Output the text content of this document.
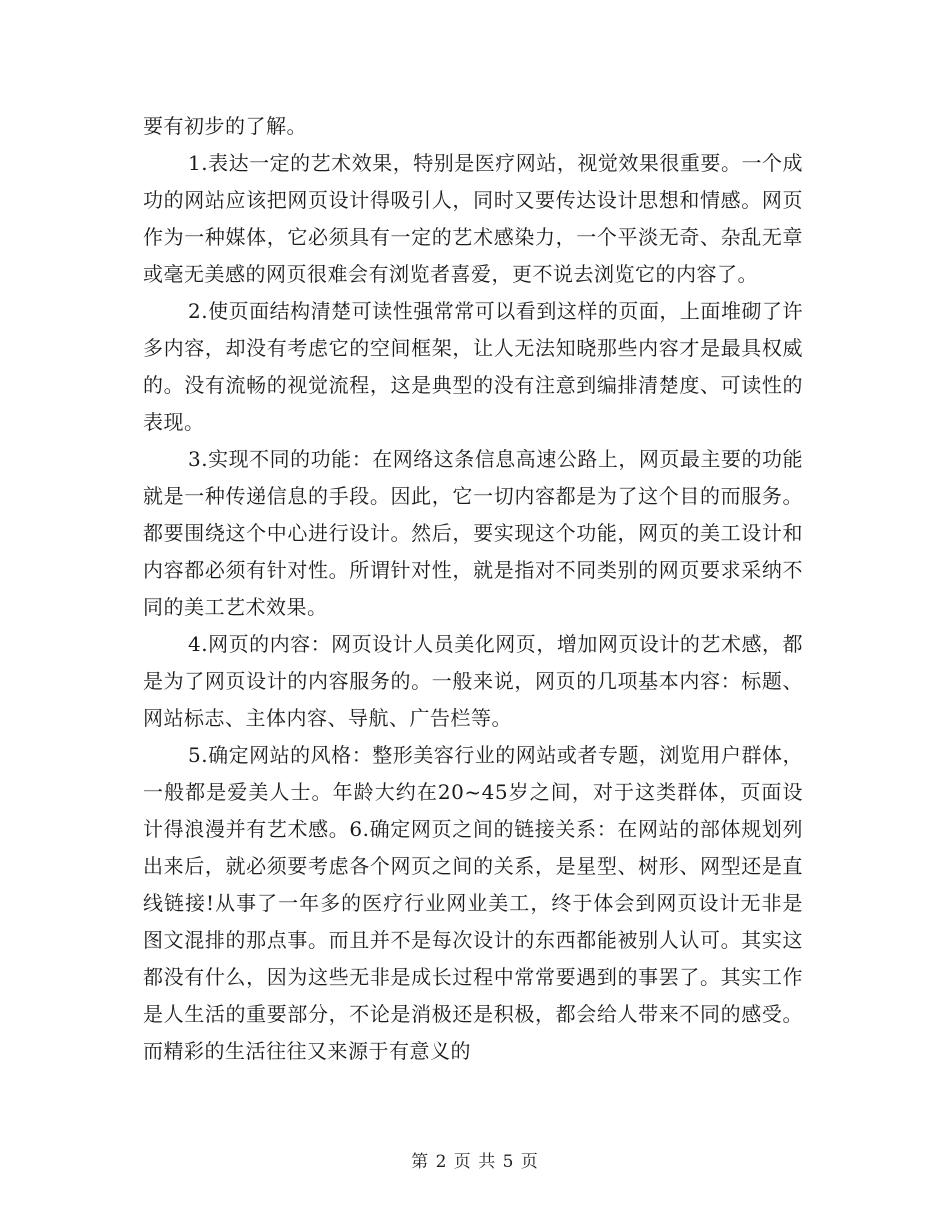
要有初步的了解。

1.表达一定的艺术效果，特别是医疗网站，视觉效果很重要。一个成功的网站应该把网页设计得吸引人，同时又要传达设计思想和情感。网页作为一种媒体，它必须具有一定的艺术感染力，一个平淡无奇、杂乱无章或毫无美感的网页很难会有浏览者喜爱，更不说去浏览它的内容了。

2.使页面结构清楚可读性强常常可以看到这样的页面，上面堆砌了许多内容，却没有考虑它的空间框架，让人无法知晓那些内容才是最具权威的。没有流畅的视觉流程，这是典型的没有注意到编排清楚度、可读性的表现。

3.实现不同的功能：在网络这条信息高速公路上，网页最主要的功能就是一种传递信息的手段。因此，它一切内容都是为了这个目的而服务。都要围绕这个中心进行设计。然后，要实现这个功能，网页的美工设计和内容都必须有针对性。所谓针对性，就是指对不同类别的网页要求采纳不同的美工艺术效果。

4.网页的内容：网页设计人员美化网页，增加网页设计的艺术感，都是为了网页设计的内容服务的。一般来说，网页的几项基本内容：标题、网站标志、主体内容、导航、广告栏等。

5.确定网站的风格：整形美容行业的网站或者专题，浏览用户群体，一般都是爱美人士。年龄大约在20~45岁之间，对于这类群体，页面设计得浪漫并有艺术感。6.确定网页之间的链接关系：在网站的部体规划列出来后，就必须要考虑各个网页之间的关系，是星型、树形、网型还是直线链接!从事了一年多的医疗行业网业美工，终于体会到网页设计无非是图文混排的那点事。而且并不是每次设计的东西都能被别人认可。其实这都没有什么，因为这些无非是成长过程中常常要遇到的事罢了。其实工作是人生活的重要部分，不论是消极还是积极，都会给人带来不同的感受。而精彩的生活往往又来源于有意义的

第 2 页 共 5 页
